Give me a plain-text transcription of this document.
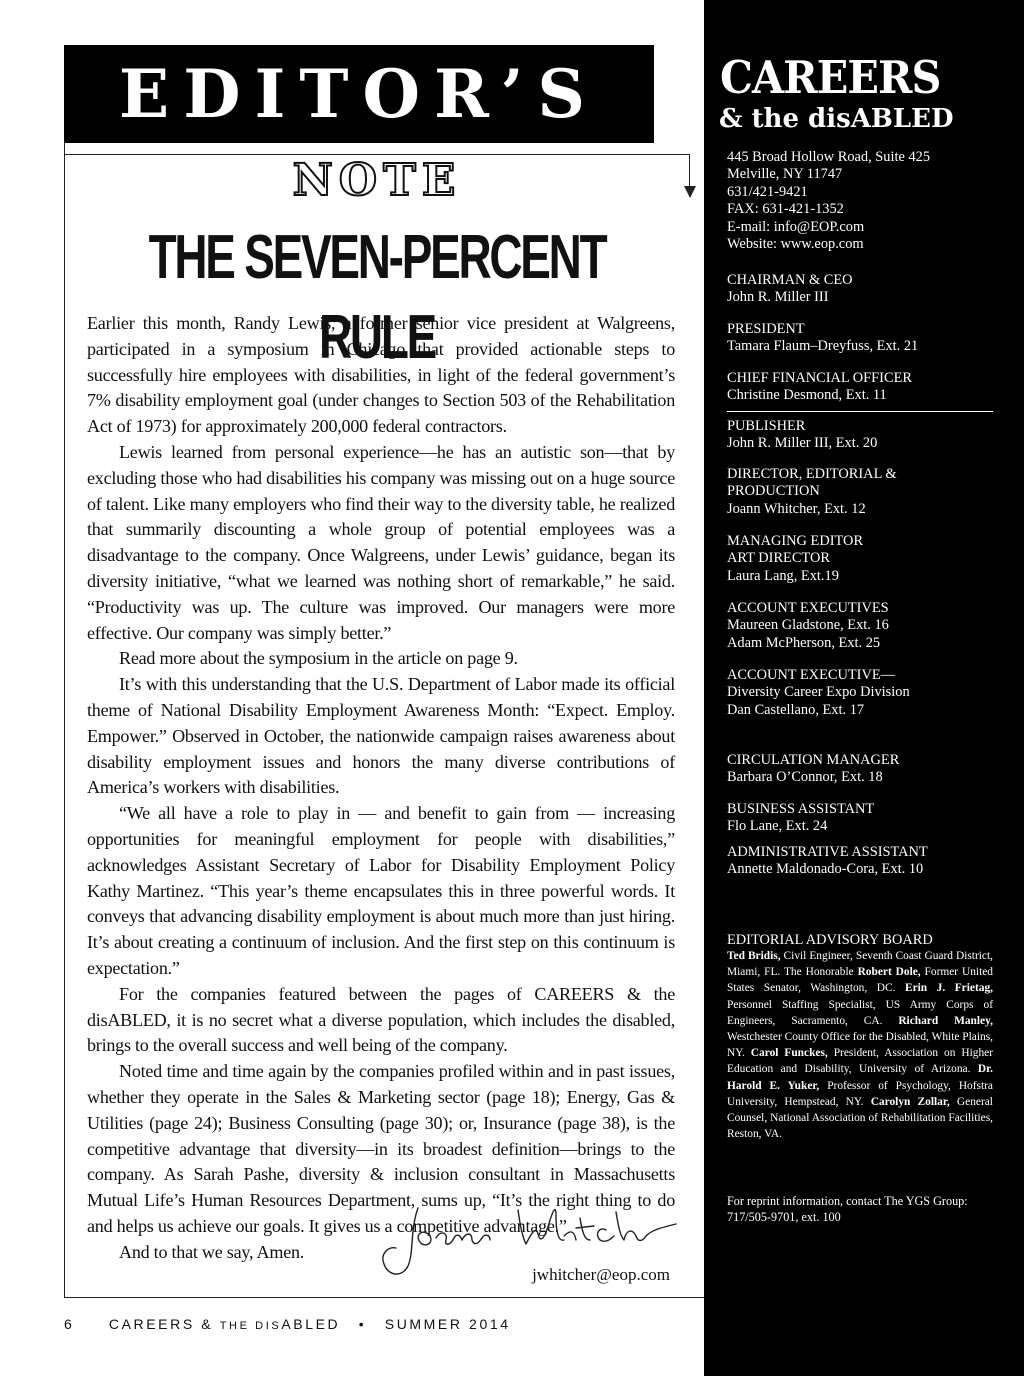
EDITOR’S
NOTE
THE SEVEN-PERCENT RULE

Earlier this month, Randy Lewis, a former senior vice president at Walgreens, participated in a symposium in Chicago that provided actionable steps to successfully hire employees with disabilities, in light of the federal government’s 7% disability employment goal (under changes to Section 503 of the Rehabilitation Act of 1973) for approximately 200,000 federal contractors.

Lewis learned from personal experience—he has an autistic son—that by excluding those who had disabilities his company was missing out on a huge source of talent. Like many employers who find their way to the diversity table, he realized that summarily discounting a whole group of potential employees was a disadvantage to the company. Once Walgreens, under Lewis’ guidance, began its diversity initiative, “what we learned was nothing short of remarkable,” he said. “Productivity was up. The culture was improved. Our managers were more effective. Our company was simply better.”

Read more about the symposium in the article on page 9.

It’s with this understanding that the U.S. Department of Labor made its official theme of National Disability Employment Awareness Month: “Expect. Employ. Empower.” Observed in October, the nationwide campaign raises awareness about disability employment issues and honors the many diverse contributions of America’s workers with disabilities.

“We all have a role to play in — and benefit to gain from — increasing opportunities for meaningful employment for people with disabilities,” acknowledges Assistant Secretary of Labor for Disability Employment Policy Kathy Martinez. “This year’s theme encapsulates this in three powerful words. It conveys that advancing disability employment is about much more than just hiring. It’s about creating a continuum of inclusion. And the first step on this continuum is expectation.”

For the companies featured between the pages of CAREERS & the disABLED, it is no secret what a diverse population, which includes the disabled, brings to the overall success and well being of the company.

Noted time and time again by the companies profiled within and in past issues, whether they operate in the Sales & Marketing sector (page 18); Energy, Gas & Utilities (page 24); Business Consulting (page 30); or, Insurance (page 38), is the competitive advantage that diversity—in its broadest definition—brings to the company. As Sarah Pashe, diversity & inclusion consultant in Massachusetts Mutual Life’s Human Resources Department, sums up, “It’s the right thing to do and helps us achieve our goals. It gives us a competitive advantage.”

And to that we say, Amen.

jwhitcher@eop.com
6 CAREERS & THE DISABLED • SUMMER 2014
CAREERS
& the disABLED
445 Broad Hollow Road, Suite 425
Melville, NY 11747
631/421-9421
FAX: 631-421-1352
E-mail: info@EOP.com
Website: www.eop.com
CHAIRMAN & CEO
John R. Miller III
PRESIDENT
Tamara Flaum–Dreyfuss, Ext. 21
CHIEF FINANCIAL OFFICER
Christine Desmond, Ext. 11
PUBLISHER
John R. Miller III, Ext. 20
DIRECTOR, EDITORIAL &
PRODUCTION
Joann Whitcher, Ext. 12
MANAGING EDITOR
ART DIRECTOR
Laura Lang, Ext.19
ACCOUNT EXECUTIVES
Maureen Gladstone, Ext. 16
Adam McPherson, Ext. 25
ACCOUNT EXECUTIVE—
Diversity Career Expo Division
Dan Castellano, Ext. 17
CIRCULATION MANAGER
Barbara O’Connor, Ext. 18
BUSINESS ASSISTANT
Flo Lane, Ext. 24
ADMINISTRATIVE ASSISTANT
Annette Maldonado-Cora, Ext. 10
EDITORIAL ADVISORY BOARD
Ted Bridis, Civil Engineer, Seventh Coast Guard District, Miami, FL. The Honorable Robert Dole, Former United States Senator, Washington, DC. Erin J. Frietag, Personnel Staffing Specialist, US Army Corps of Engineers, Sacramento, CA. Richard Manley, Westchester County Office for the Disabled, White Plains, NY. Carol Funckes, President, Association on Higher Education and Disability, University of Arizona. Dr. Harold E. Yuker, Professor of Psychology, Hofstra University, Hempstead, NY. Carolyn Zollar, General Counsel, National Association of Rehabilitation Facilities, Reston, VA.
For reprint information, contact The YGS Group: 717/505-9701, ext. 100
